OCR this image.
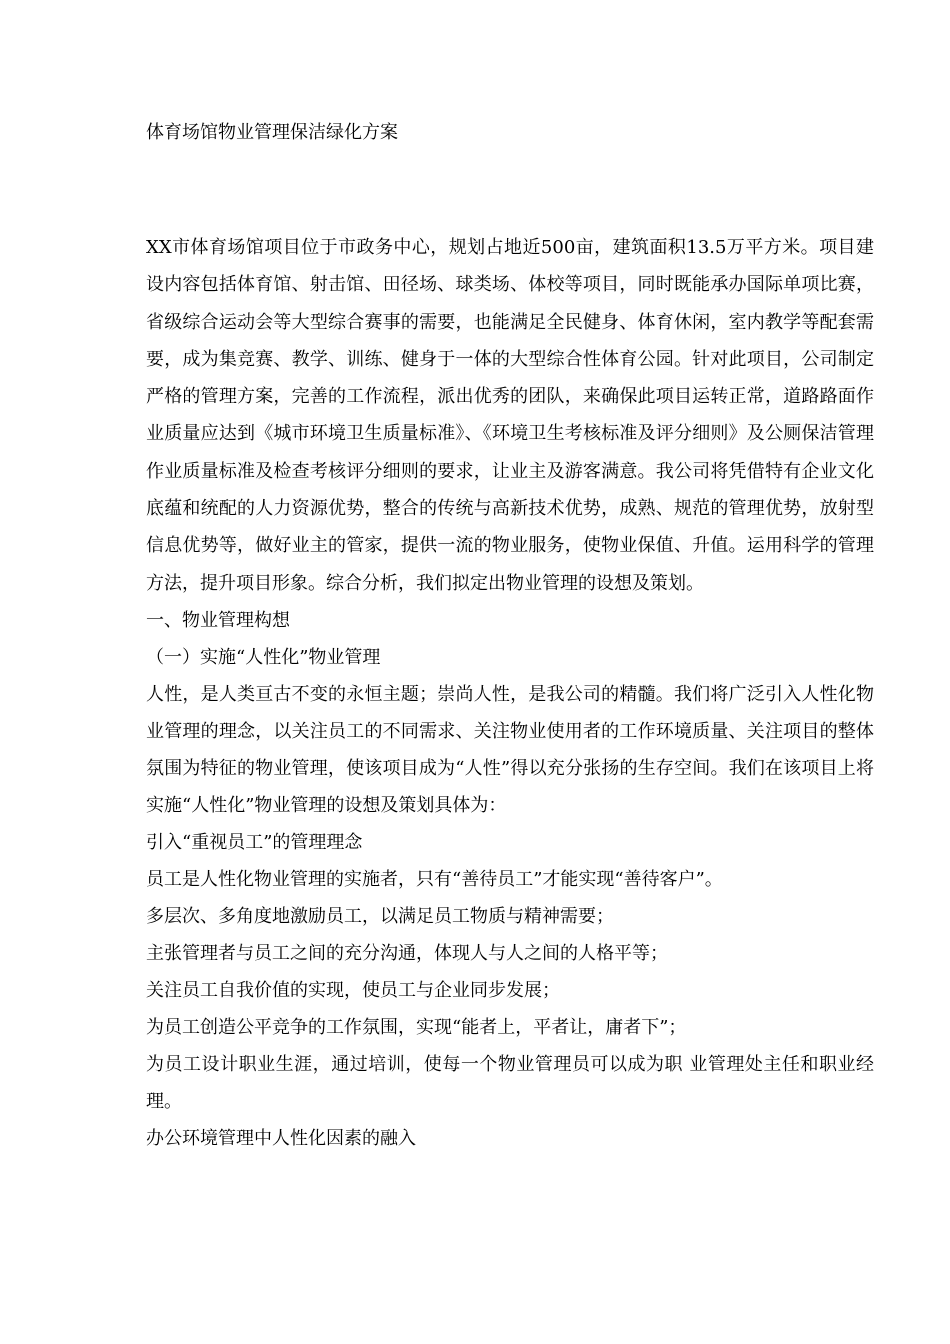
体育场馆物业管理保洁绿化方案

XX市体育场馆项目位于市政务中心，规划占地近500亩，建筑面积13.5万平方米。项目建设内容包括体育馆、射击馆、田径场、球类场、体校等项目，同时既能承办国际单项比赛，省级综合运动会等大型综合赛事的需要，也能满足全民健身、体育休闲，室内教学等配套需要，成为集竞赛、教学、训练、健身于一体的大型综合性体育公园。针对此项目，公司制定严格的管理方案，完善的工作流程，派出优秀的团队，来确保此项目运转正常，道路路面作业质量应达到《城市环境卫生质量标准》、《环境卫生考核标准及评分细则》及公厕保洁管理作业质量标准及检查考核评分细则的要求，让业主及游客满意。我公司将凭借特有企业文化底蕴和统配的人力资源优势，整合的传统与高新技术优势，成熟、规范的管理优势，放射型信息优势等，做好业主的管家，提供一流的物业服务，使物业保值、升值。运用科学的管理方法，提升项目形象。综合分析，我们拟定出物业管理的设想及策划。

一、物业管理构想

（一）实施“人性化”物业管理

人性，是人类亘古不变的永恒主题；崇尚人性，是我公司的精髓。我们将广泛引入人性化物业管理的理念，以关注员工的不同需求、关注物业使用者的工作环境质量、关注项目的整体氛围为特征的物业管理，使该项目成为“人性”得以充分张扬的生存空间。我们在该项目上将实施“人性化”物业管理的设想及策划具体为：

引入“重视员工”的管理理念

员工是人性化物业管理的实施者，只有“善待员工”才能实现“善待客户”。

多层次、多角度地激励员工，以满足员工物质与精神需要；

主张管理者与员工之间的充分沟通，体现人与人之间的人格平等；

关注员工自我价值的实现，使员工与企业同步发展；

为员工创造公平竞争的工作氛围，实现“能者上，平者让，庸者下”；

为员工设计职业生涯，通过培训，使每一个物业管理员可以成为职 业管理处主任和职业经理。

办公环境管理中人性化因素的融入
